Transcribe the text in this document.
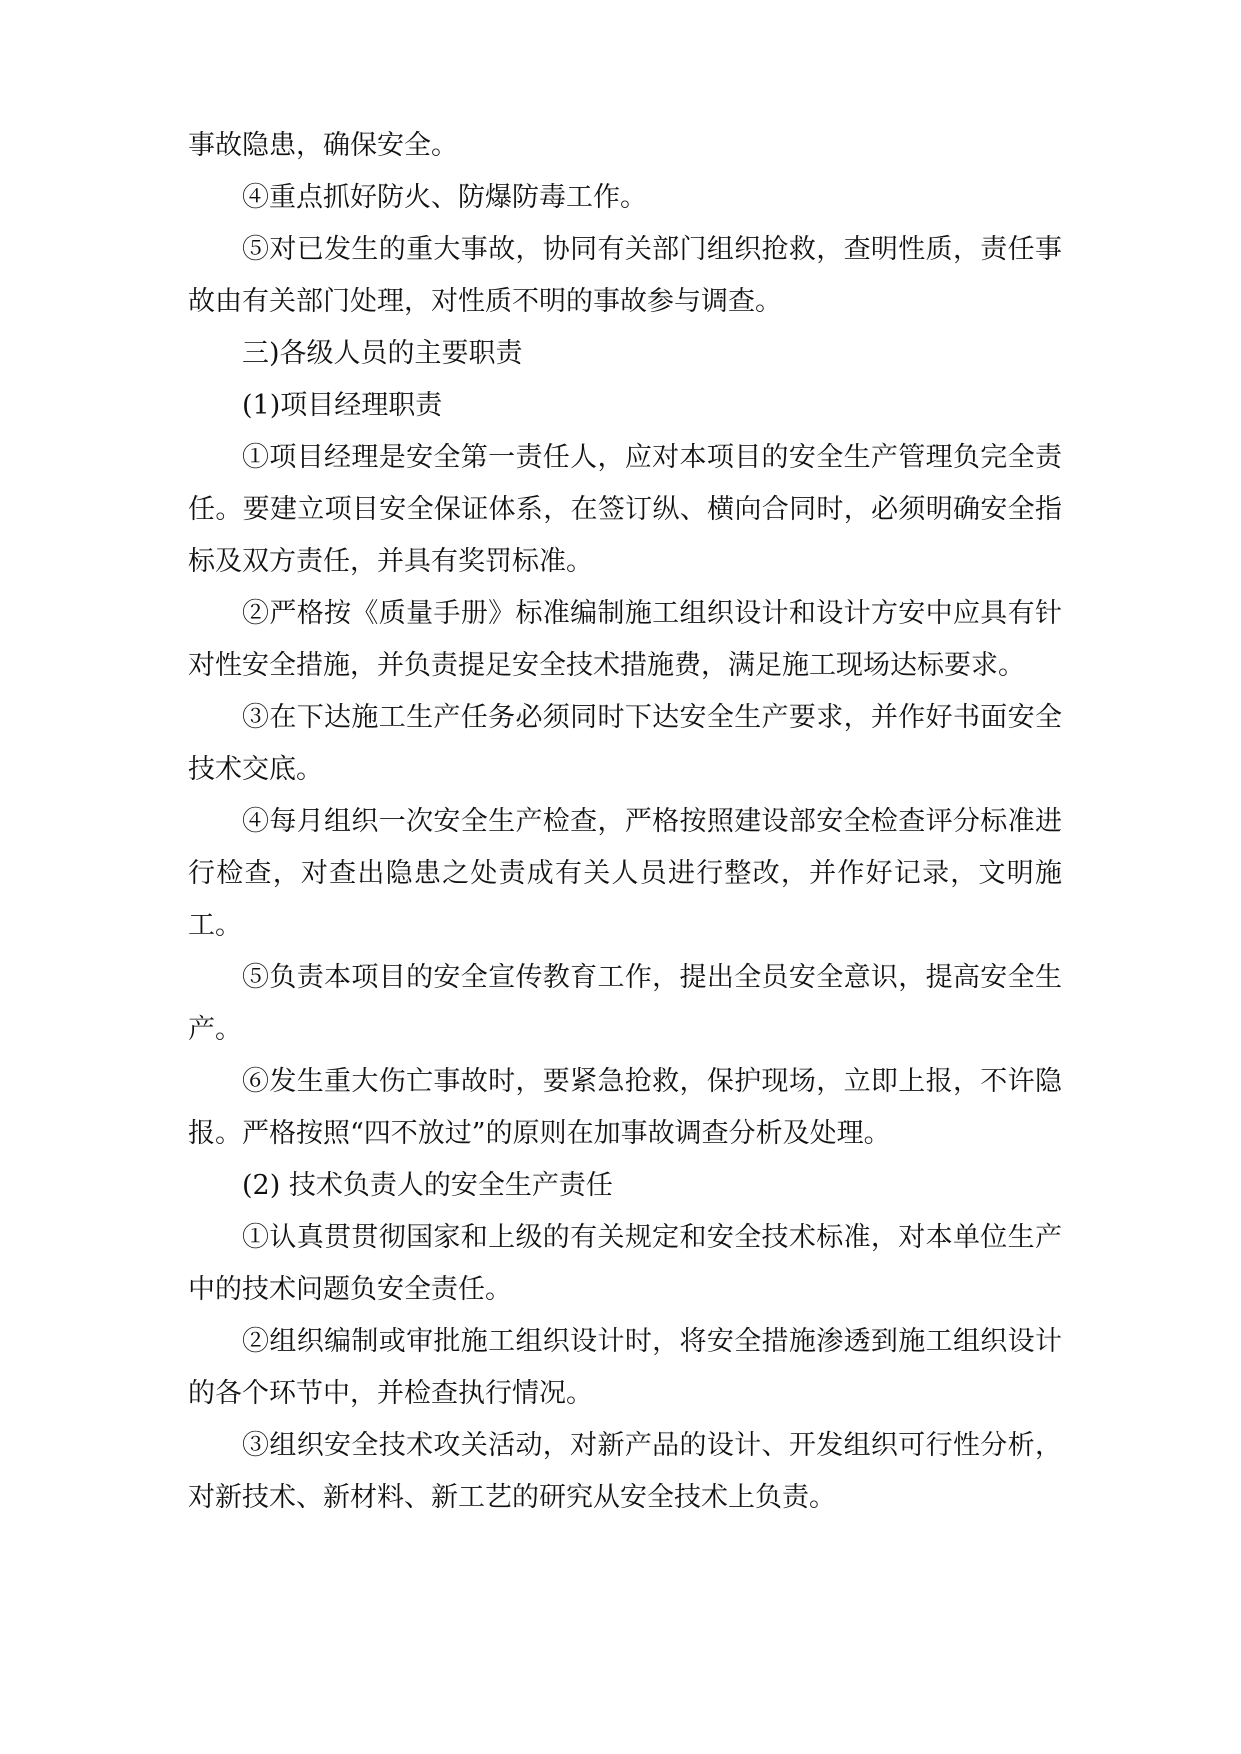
事故隐患，确保安全。

④重点抓好防火、防爆防毒工作。

⑤对已发生的重大事故，协同有关部门组织抢救，查明性质，责任事故由有关部门处理，对性质不明的事故参与调查。

三)各级人员的主要职责

(1)项目经理职责

①项目经理是安全第一责任人，应对本项目的安全生产管理负完全责任。要建立项目安全保证体系，在签订纵、横向合同时，必须明确安全指标及双方责任，并具有奖罚标准。

②严格按《质量手册》标准编制施工组织设计和设计方安中应具有针对性安全措施，并负责提足安全技术措施费，满足施工现场达标要求。

③在下达施工生产任务必须同时下达安全生产要求，并作好书面安全技术交底。

④每月组织一次安全生产检查，严格按照建设部安全检查评分标准进行检查，对查出隐患之处责成有关人员进行整改，并作好记录，文明施工。

⑤负责本项目的安全宣传教育工作，提出全员安全意识，提高安全生产。

⑥发生重大伤亡事故时，要紧急抢救，保护现场，立即上报，不许隐报。严格按照“四不放过”的原则在加事故调查分析及处理。

(2) 技术负责人的安全生产责任

①认真贯贯彻国家和上级的有关规定和安全技术标准，对本单位生产中的技术问题负安全责任。

②组织编制或审批施工组织设计时，将安全措施渗透到施工组织设计的各个环节中，并检查执行情况。

③组织安全技术攻关活动，对新产品的设计、开发组织可行性分析，对新技术、新材料、新工艺的研究从安全技术上负责。
